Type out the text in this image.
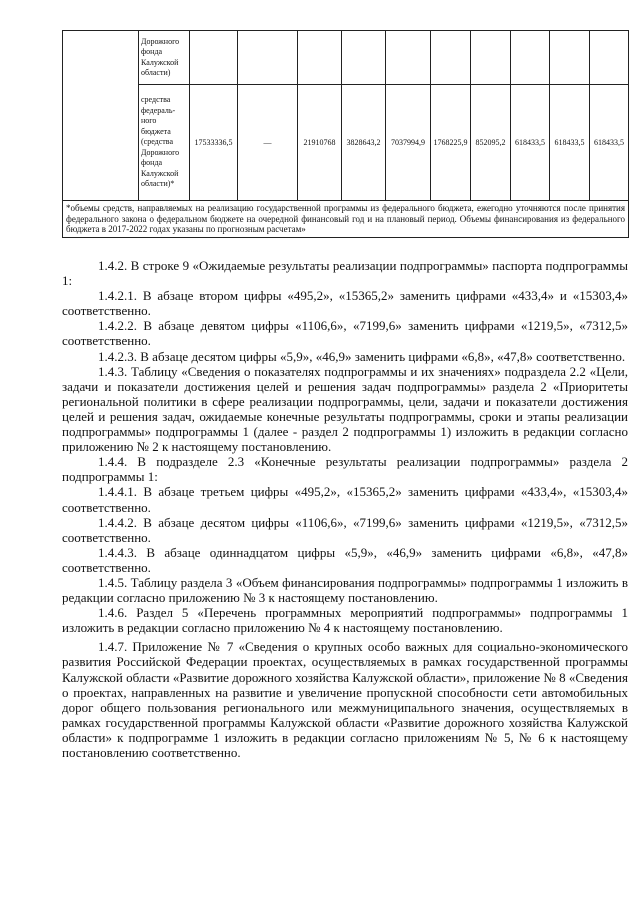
	Дорожного фонда Калужской области)										
	средства федераль-ного бюджета (средства Дорожного фонда Калужской области)*	17533336,5	—	21910768	3828643,2	7037994,9	1768225,9	852095,2	618433,5	618433,5	618433,5
*объемы средств, направляемых на реализацию государственной программы из федерального бюджета, ежегодно уточняются после принятия федерального закона о федеральном бюджете на очередной финансовый год и на плановый период. Объемы финансирования из федерального бюджета в 2017-2022 годах указаны по прогнозным расчетам»											

1.4.2. В строке 9 «Ожидаемые результаты реализации подпрограммы» паспорта подпрограммы 1:

1.4.2.1. В абзаце втором цифры «495,2», «15365,2» заменить цифрами «433,4» и «15303,4» соответственно.

1.4.2.2. В абзаце девятом цифры «1106,6», «7199,6» заменить цифрами «1219,5», «7312,5» соответственно.

1.4.2.3. В абзаце десятом цифры «5,9», «46,9» заменить цифрами «6,8», «47,8» соответственно.

1.4.3. Таблицу «Сведения о показателях подпрограммы и их значениях» подраздела 2.2 «Цели, задачи и показатели достижения целей и решения задач подпрограммы» раздела 2 «Приоритеты региональной политики в сфере реализации подпрограммы, цели, задачи и показатели достижения целей и решения задач, ожидаемые конечные результаты подпрограммы, сроки и этапы реализации подпрограммы» подпрограммы 1 (далее - раздел 2 подпрограммы 1) изложить в редакции согласно приложению № 2 к настоящему постановлению.

1.4.4. В подразделе 2.3 «Конечные результаты реализации подпрограммы» раздела 2 подпрограммы 1:

1.4.4.1. В абзаце третьем цифры «495,2», «15365,2» заменить цифрами «433,4», «15303,4» соответственно.

1.4.4.2. В абзаце десятом цифры «1106,6», «7199,6» заменить цифрами «1219,5», «7312,5» соответственно.

1.4.4.3. В абзаце одиннадцатом цифры «5,9», «46,9» заменить цифрами «6,8», «47,8» соответственно.

1.4.5. Таблицу раздела 3 «Объем финансирования подпрограммы» подпрограммы 1 изложить в редакции согласно приложению № 3 к настоящему постановлению.

1.4.6. Раздел 5 «Перечень программных мероприятий подпрограммы» подпрограммы 1 изложить в редакции согласно приложению № 4 к настоящему постановлению.

1.4.7. Приложение № 7 «Сведения о крупных особо важных для социально-экономического развития Российской Федерации проектах, осуществляемых в рамках государственной программы Калужской области «Развитие дорожного хозяйства Калужской области», приложение № 8 «Сведения о проектах, направленных на развитие и увеличение пропускной способности сети автомобильных дорог общего пользования регионального или межмуниципального значения, осуществляемых в рамках государственной программы Калужской области «Развитие дорожного хозяйства Калужской области» к подпрограмме 1 изложить в редакции согласно приложениям № 5, № 6 к настоящему постановлению соответственно.
